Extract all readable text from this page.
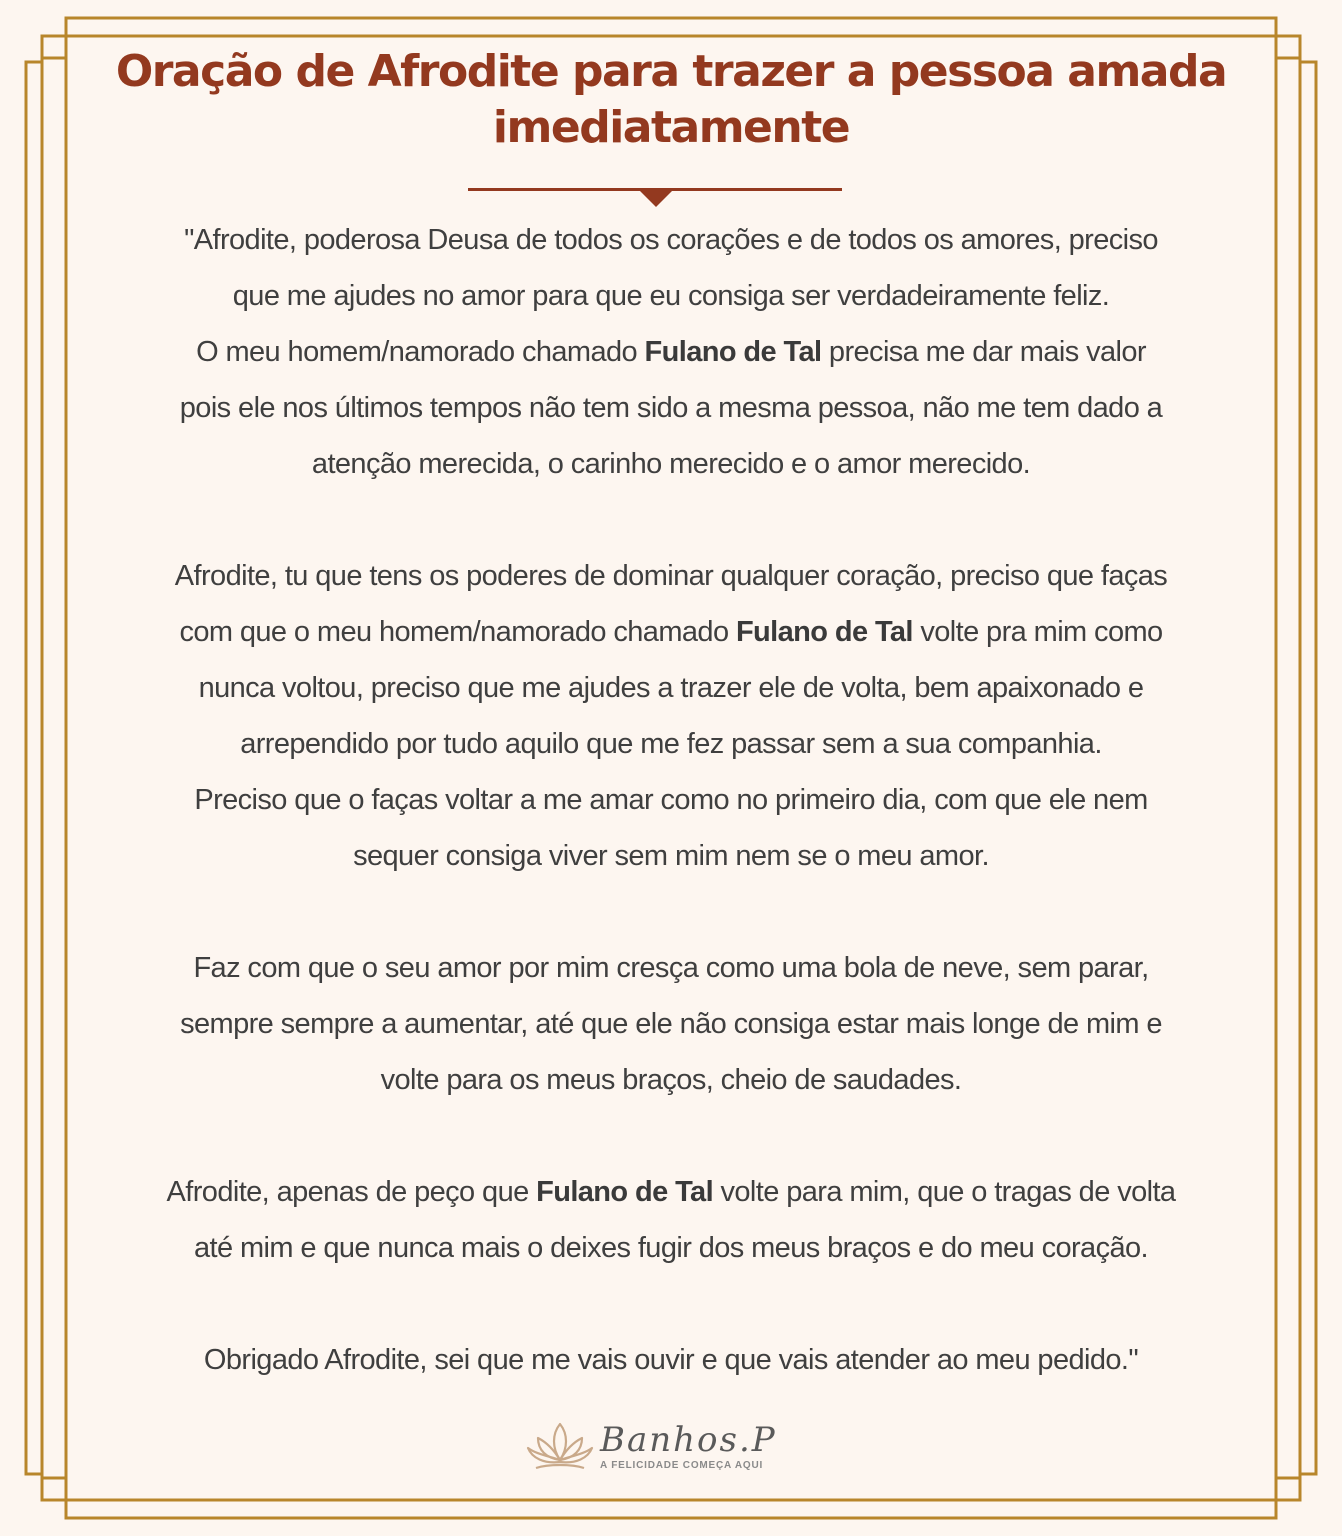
Oração de Afrodite para trazer a pessoa amada
imediatamente

"Afrodite, poderosa Deusa de todos os corações e de todos os amores, preciso
que me ajudes no amor para que eu consiga ser verdadeiramente feliz.
O meu homem/namorado chamado Fulano de Tal precisa me dar mais valor
pois ele nos últimos tempos não tem sido a mesma pessoa, não me tem dado a
atenção merecida, o carinho merecido e o amor merecido.

Afrodite, tu que tens os poderes de dominar qualquer coração, preciso que faças
com que o meu homem/namorado chamado Fulano de Tal volte pra mim como
nunca voltou, preciso que me ajudes a trazer ele de volta, bem apaixonado e
arrependido por tudo aquilo que me fez passar sem a sua companhia.
Preciso que o faças voltar a me amar como no primeiro dia, com que ele nem
sequer consiga viver sem mim nem se o meu amor.

Faz com que o seu amor por mim cresça como uma bola de neve, sem parar,
sempre sempre a aumentar, até que ele não consiga estar mais longe de mim e
volte para os meus braços, cheio de saudades.

Afrodite, apenas de peço que Fulano de Tal volte para mim, que o tragas de volta
até mim e que nunca mais o deixes fugir dos meus braços e do meu coração.

Obrigado Afrodite, sei que me vais ouvir e que vais atender ao meu pedido."

Banhos.P
A FELICIDADE COMEÇA AQUI
